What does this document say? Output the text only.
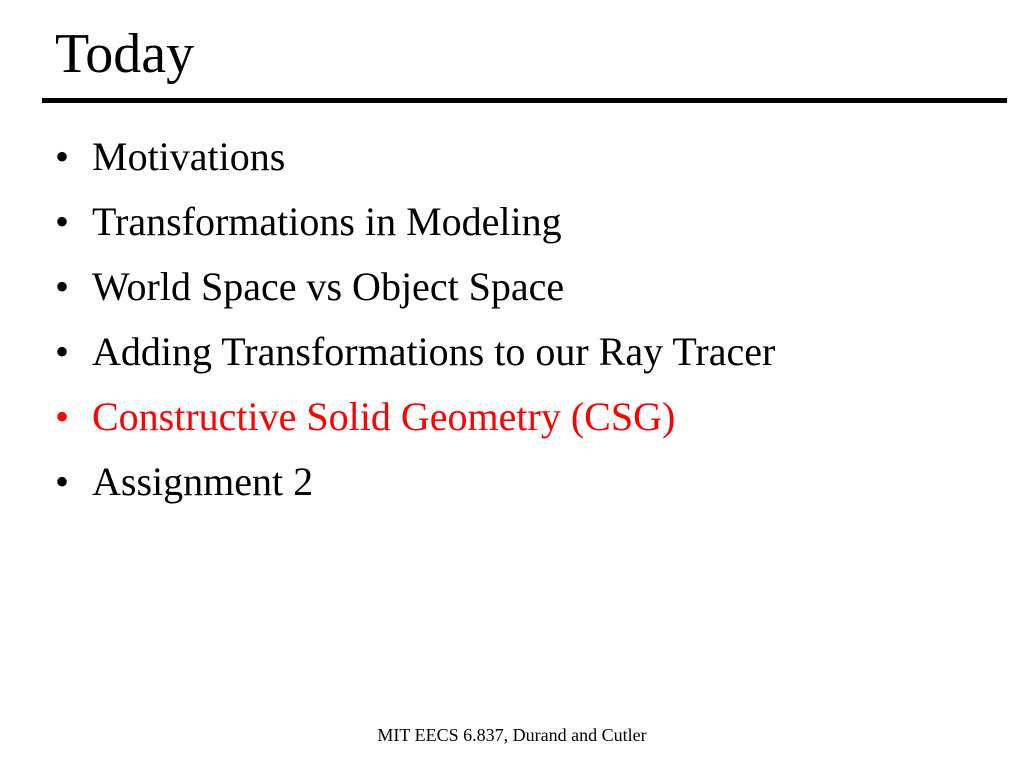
Today
• Motivations
• Transformations in Modeling
• World Space vs Object Space
• Adding Transformations to our Ray Tracer
• Constructive Solid Geometry (CSG)
• Assignment 2
MIT EECS 6.837, Durand and Cutler
